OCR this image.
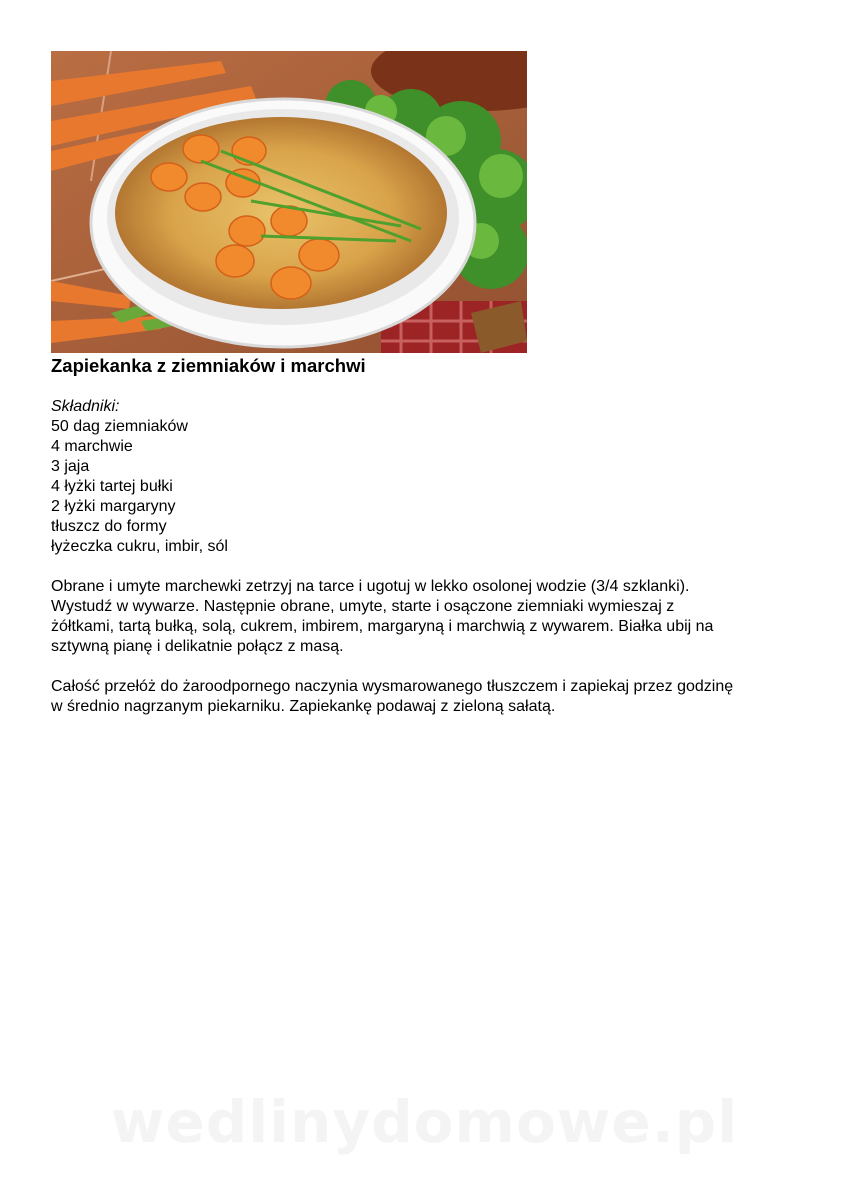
Zapiekanka z ziemniaków i marchwi

Składniki:

50 dag ziemniaków
4 marchwie
3 jaja
4 łyżki tartej bułki
2 łyżki margaryny
tłuszcz do formy
łyżeczka cukru, imbir, sól

Obrane i umyte marchewki zetrzyj na tarce i ugotuj w lekko osolonej wodzie (3/4 szklanki).

Wystudź w wywarze. Następnie obrane, umyte, starte i osączone ziemniaki wymieszaj z

żółtkami, tartą bułką, solą, cukrem, imbirem, margaryną i marchwią z wywarem. Białka ubij na

sztywną pianę i delikatnie połącz z masą.

Całość przełóż do żaroodpornego naczynia wysmarowanego tłuszczem i zapiekaj przez godzinę

w średnio nagrzanym piekarniku. Zapiekankę podawaj z zieloną sałatą.

wedlinydomowe.pl
